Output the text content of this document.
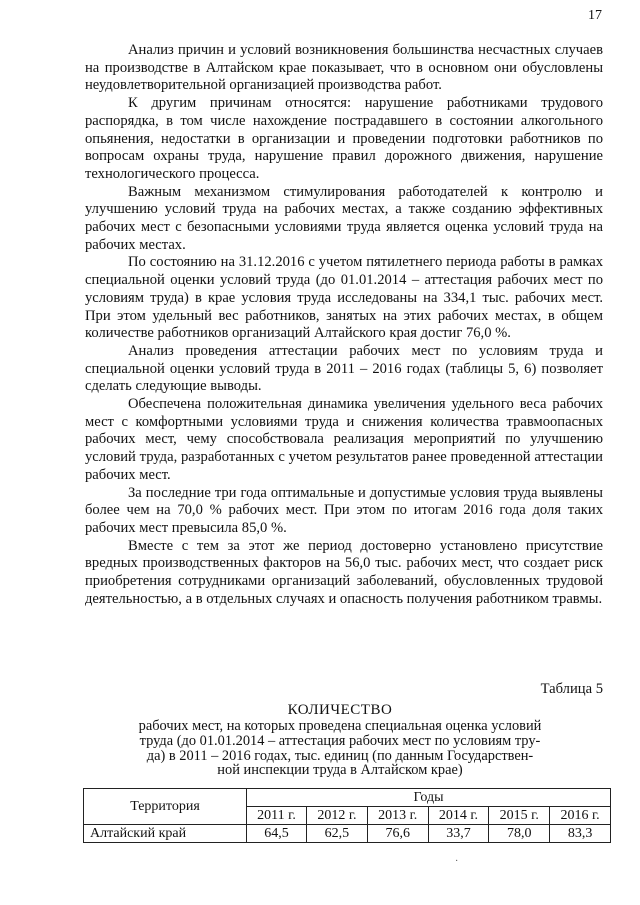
17

Анализ причин и условий возникновения большинства несчастных случаев на производстве в Алтайском крае показывает, что в основном они обусловлены неудовлетворительной организацией производства работ.

К другим причинам относятся: нарушение работниками трудового распорядка, в том числе нахождение пострадавшего в состоянии алкогольного опьянения, недостатки в организации и проведении подготовки работников по вопросам охраны труда, нарушение правил дорожного движения, нарушение технологического процесса.

Важным механизмом стимулирования работодателей к контролю и улучшению условий труда на рабочих местах, а также созданию эффективных рабочих мест с безопасными условиями труда является оценка условий труда на рабочих местах.

По состоянию на 31.12.2016 с учетом пятилетнего периода работы в рамках специальной оценки условий труда (до 01.01.2014 – аттестация рабочих мест по условиям труда) в крае условия труда исследованы на 334,1 тыс. рабочих мест. При этом удельный вес работников, занятых на этих рабочих местах, в общем количестве работников организаций Алтайского края достиг 76,0 %.

Анализ проведения аттестации рабочих мест по условиям труда и специальной оценки условий труда в 2011 – 2016 годах (таблицы 5, 6) позволяет сделать следующие выводы.

Обеспечена положительная динамика увеличения удельного веса рабочих мест с комфортными условиями труда и снижения количества травмоопасных рабочих мест, чему способствовала реализация мероприятий по улучшению условий труда, разработанных с учетом результатов ранее проведенной аттестации рабочих мест.

За последние три года оптимальные и допустимые условия труда выявлены более чем на 70,0 % рабочих мест. При этом по итогам 2016 года доля таких рабочих мест превысила 85,0 %.

Вместе с тем за этот же период достоверно установлено присутствие вредных производственных факторов на 56,0 тыс. рабочих мест, что создает риск приобретения сотрудниками организаций заболеваний, обусловленных трудовой деятельностью, а в отдельных случаях и опасность получения работником травмы.

Таблица 5
КОЛИЧЕСТВО
рабочих мест, на которых проведена специальная оценка условий
труда (до 01.01.2014 – аттестация рабочих мест по условиям тру-
да) в 2011 – 2016 годах, тыс. единиц (по данным Государствен-
ной инспекции труда в Алтайском крае)
Территория	Годы					
	2011 г.	2012 г.	2013 г.	2014 г.	2015 г.	2016 г.
Алтайский край	64,5	62,5	76,6	33,7	78,0	83,3
·
